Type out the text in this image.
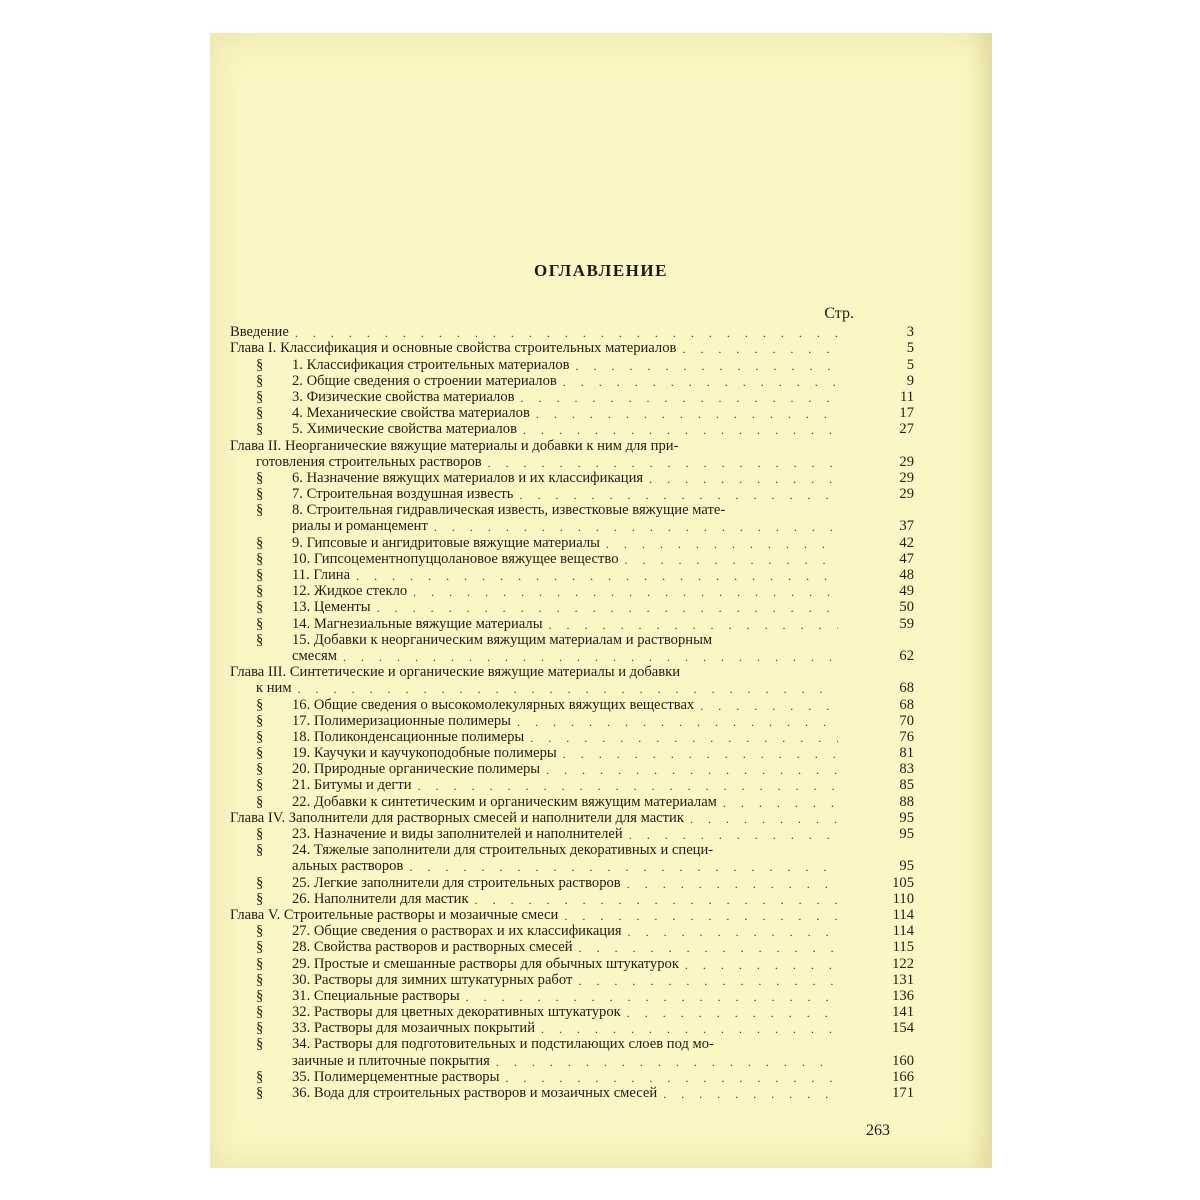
ОГЛАВЛЕНИЕ
Стр.
Введение . . .	3
Глава I. Классификация и основные свойства строительных материалов . . .	5
§	1. Классификация строительных материалов . . .	5
§	2. Общие сведения о строении материалов . . .	9
§	3. Физические свойства материалов . . .	11
§	4. Механические свойства материалов . . .	17
§	5. Химические свойства материалов . . .	27
Глава II. Неорганические вяжущие материалы и добавки к ним для при-
готовления строительных растворов . . .	29
§	6. Назначение вяжущих материалов и их классификация . . .	29
§	7. Строительная воздушная известь . . .	29
§	8. Строительная гидравлическая известь, известковые вяжущие мате-
риалы и романцемент . . .	37
§	9. Гипсовые и ангидритовые вяжущие материалы . . .	42
§	10. Гипсоцементнопуццолановое вяжущее вещество . . .	47
§	11. Глина . . .	48
§	12. Жидкое стекло . . .	49
§	13. Цементы . . .	50
§	14. Магнезиальные вяжущие материалы . . .	59
§	15. Добавки к неорганическим вяжущим материалам и растворным
смесям . . .	62
Глава III. Синтетические и органические вяжущие материалы и добавки
к ним . . .	68
§	16. Общие сведения о высокомолекулярных вяжущих веществах . . .	68
§	17. Полимеризационные полимеры . . .	70
§	18. Поликонденсационные полимеры . . .	76
§	19. Каучуки и каучукоподобные полимеры . . .	81
§	20. Природные органические полимеры . . .	83
§	21. Битумы и дегти . . .	85
§	22. Добавки к синтетическим и органическим вяжущим материалам . . .	88
Глава IV. Заполнители для растворных смесей и наполнители для мастик . . .	95
§	23. Назначение и виды заполнителей и наполнителей . . .	95
§	24. Тяжелые заполнители для строительных декоративных и специ-
альных растворов . . .	95
§	25. Легкие заполнители для строительных растворов . . .	105
§	26. Наполнители для мастик . . .	110
Глава V. Строительные растворы и мозаичные смеси . . .	114
§	27. Общие сведения о растворах и их классификация . . .	114
§	28. Свойства растворов и растворных смесей . . .	115
§	29. Простые и смешанные растворы для обычных штукатурок . . .	122
§	30. Растворы для зимних штукатурных работ . . .	131
§	31. Специальные растворы . . .	136
§	32. Растворы для цветных декоративных штукатурок . . .	141
§	33. Растворы для мозаичных покрытий . . .	154
§	34. Растворы для подготовительных и подстилающих слоев под мо-
заичные и плиточные покрытия . . .	160
§	35. Полимерцементные растворы . . .	166
§	36. Вода для строительных растворов и мозаичных смесей . . .	171
263
